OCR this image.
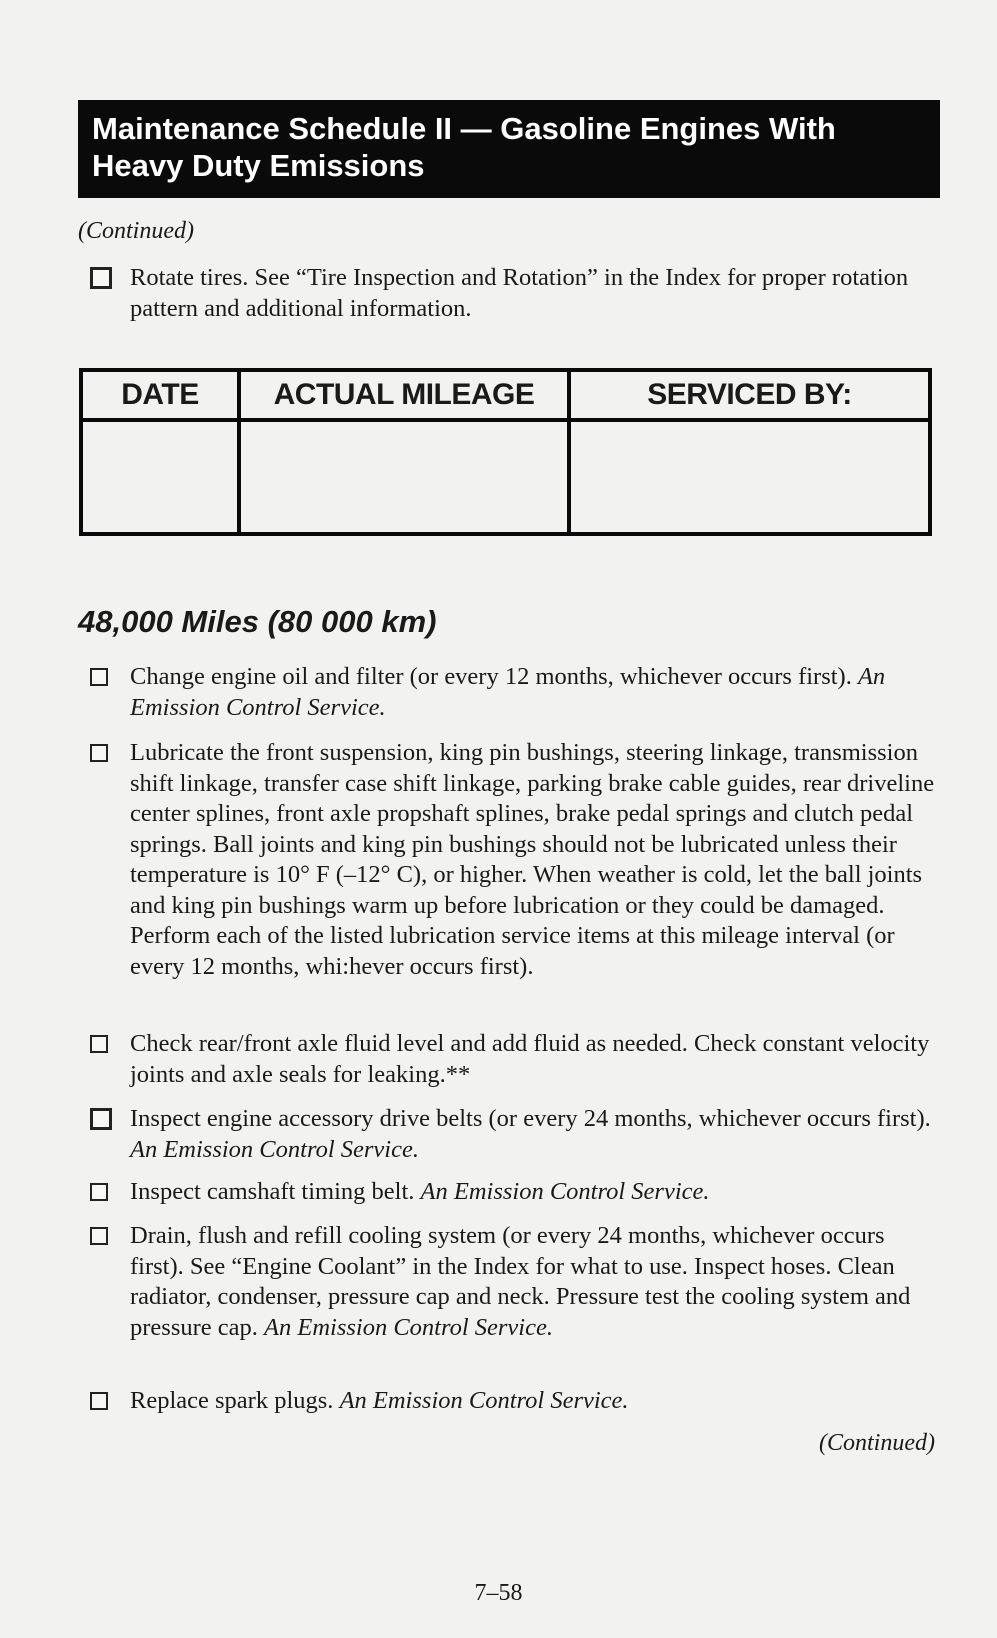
Maintenance Schedule II — Gasoline Engines With
Heavy Duty Emissions
(Continued)
Rotate tires. See “Tire Inspection and Rotation” in the Index for proper rotation pattern and additional information.
DATE	ACTUAL MILEAGE	SERVICED BY:

48,000 Miles (80 000 km)
Change engine oil and filter (or every 12 months, whichever occurs first). An Emission Control Service.
Lubricate the front suspension, king pin bushings, steering linkage, transmission shift linkage, transfer case shift linkage, parking brake cable guides, rear driveline center splines, front axle propshaft splines, brake pedal springs and clutch pedal springs. Ball joints and king pin bushings should not be lubricated unless their temperature is 10° F (–12° C), or higher. When weather is cold, let the ball joints and king pin bushings warm up before lubrication or they could be damaged. Perform each of the listed lubrication service items at this mileage interval (or every 12 months, whi:hever occurs first).
Check rear/front axle fluid level and add fluid as needed. Check constant velocity joints and axle seals for leaking.**
Inspect engine accessory drive belts (or every 24 months, whichever occurs first). An Emission Control Service.
Inspect camshaft timing belt. An Emission Control Service.
Drain, flush and refill cooling system (or every 24 months, whichever occurs first). See “Engine Coolant” in the Index for what to use. Inspect hoses. Clean radiator, condenser, pressure cap and neck. Pressure test the cooling system and pressure cap. An Emission Control Service.
Replace spark plugs. An Emission Control Service.
(Continued)
7–58
